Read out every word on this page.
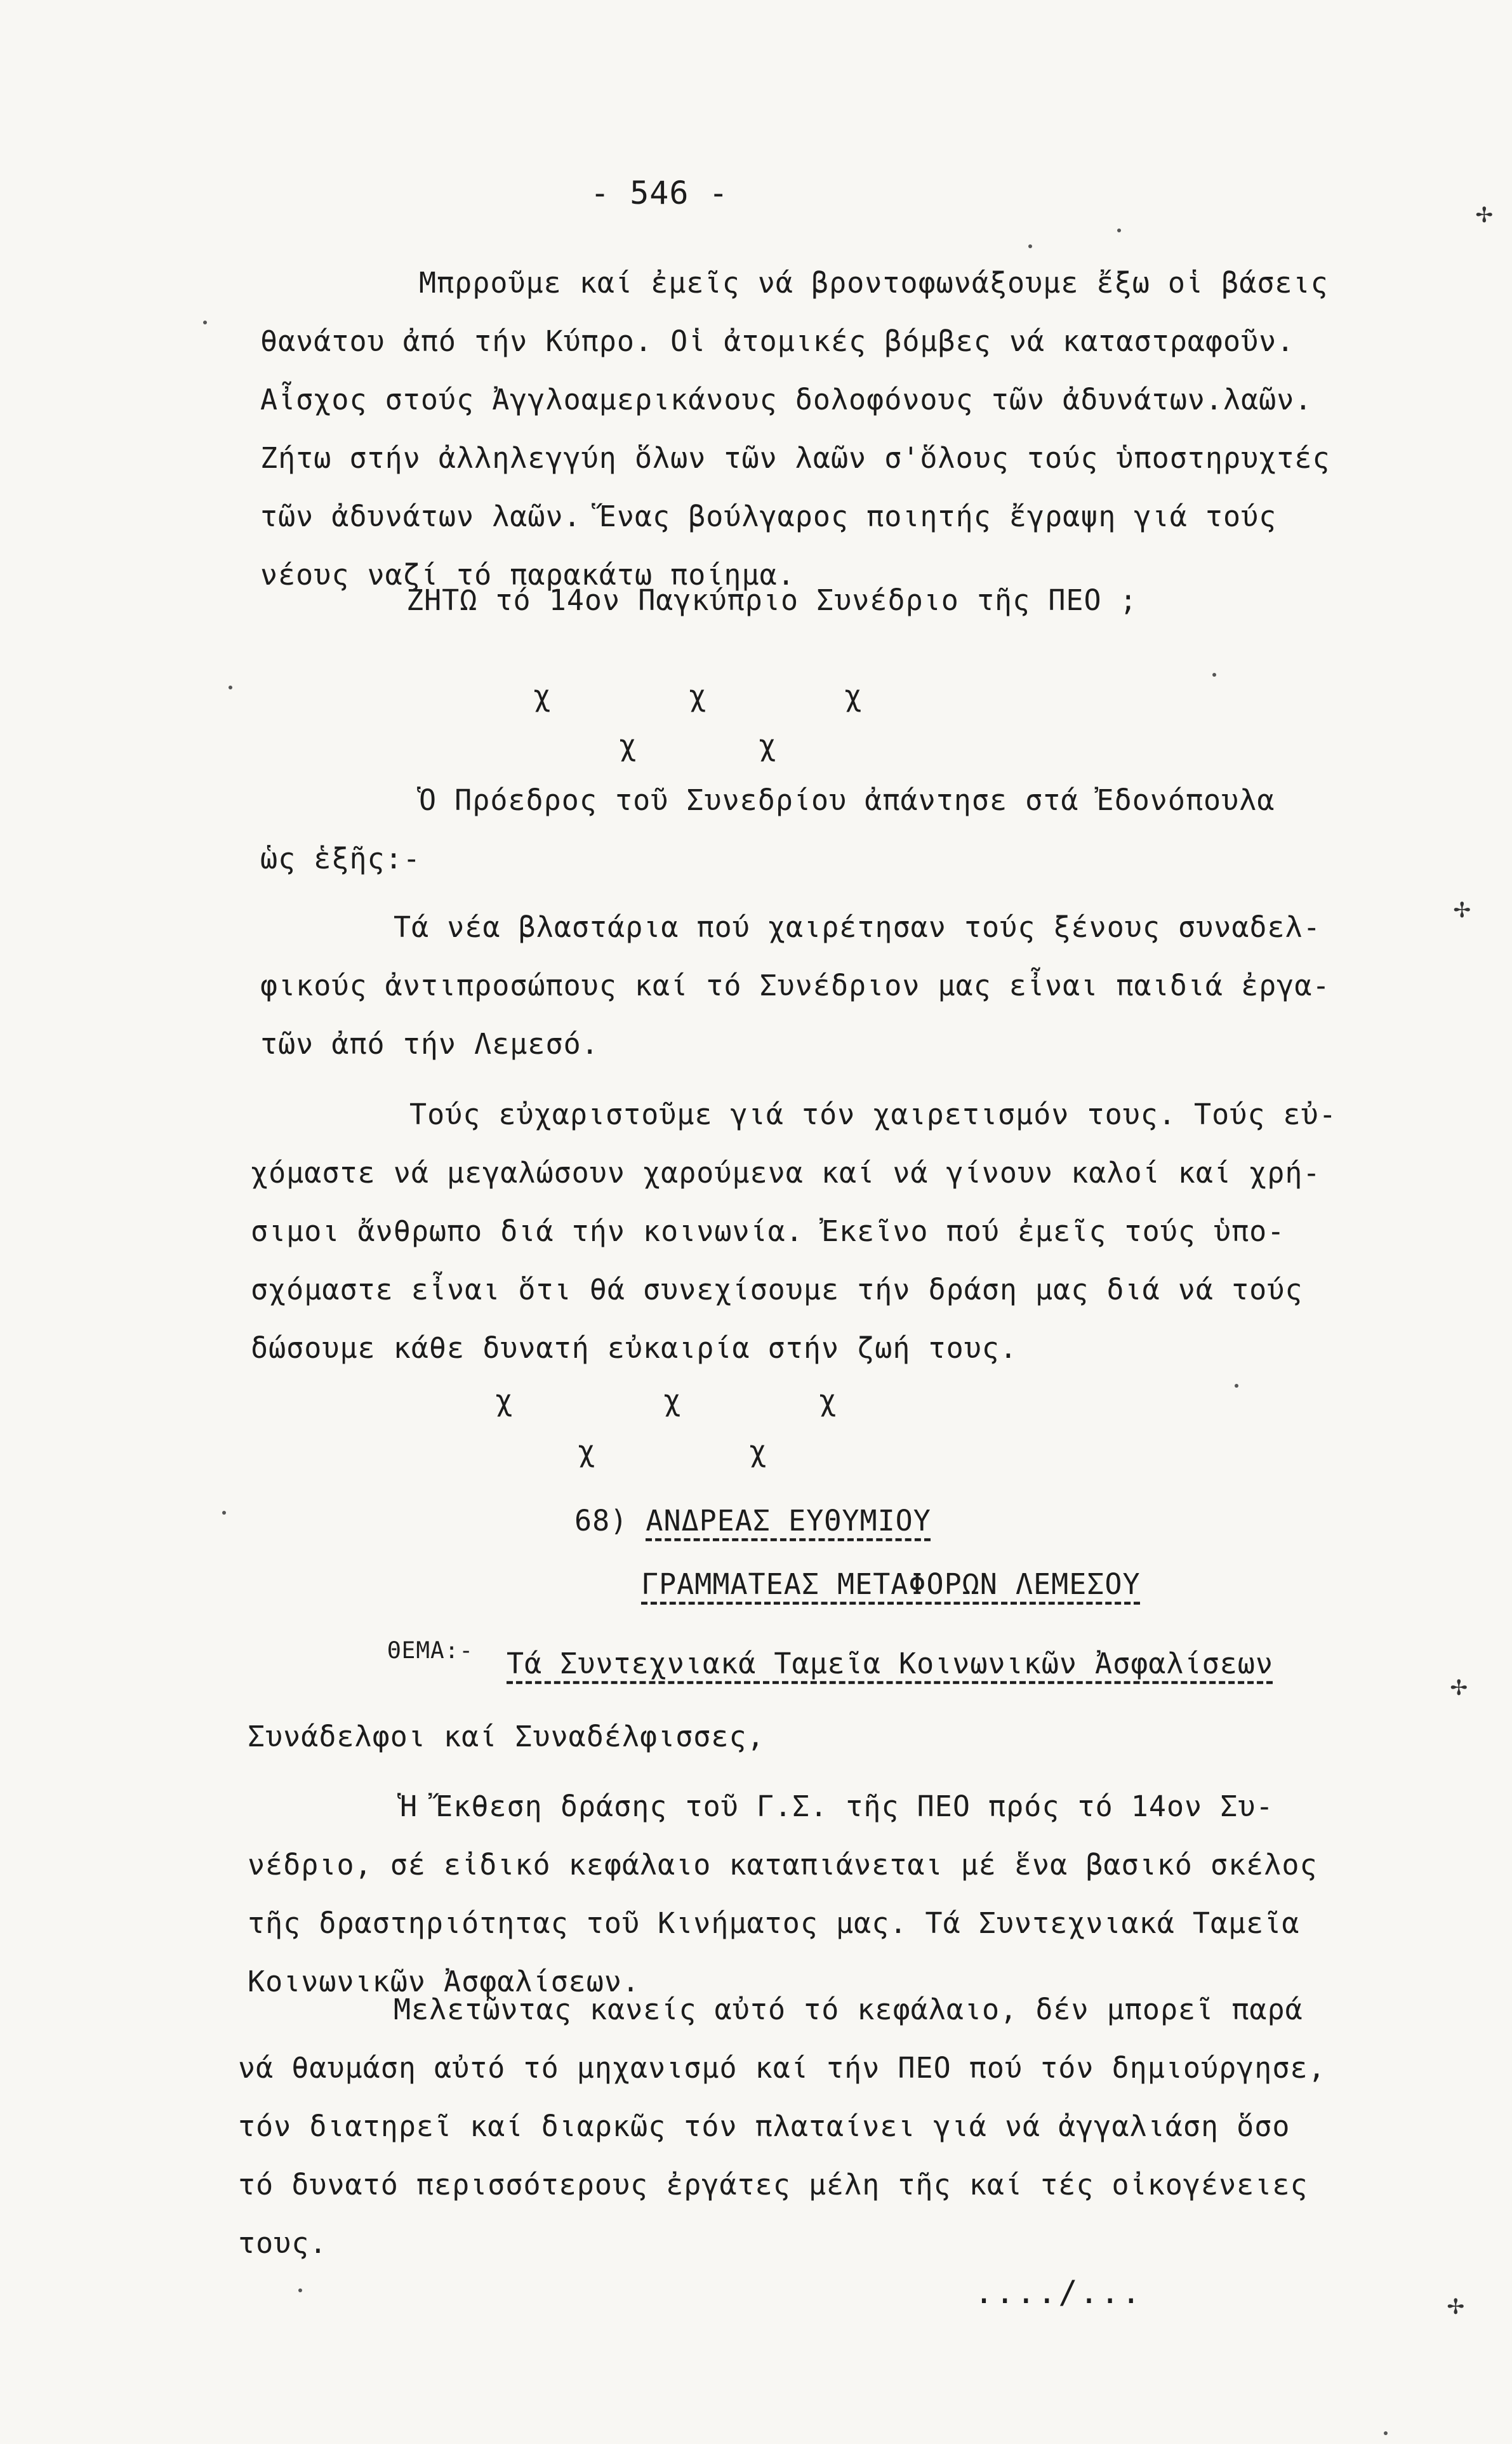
- 546 -
Μπρροῦμε καί ἐμεῖς νά βροντοφωνάξουμε ἔξω οἱ βάσεις
θανάτου ἀπό τήν Κύπρο. Οἱ ἀτομικές βόμβες νά καταστραφοῦν.
Αἶσχος στούς Ἀγγλοαμερικάνους δολοφόνους τῶν ἀδυνάτων.λαῶν.
Ζήτω στήν ἀλληλεγγύη ὅλων τῶν λαῶν σ'ὅλους τούς ὑποστηρυχτές
τῶν ἀδυνάτων λαῶν. Ἕνας βούλγαρος ποιητής ἔγραψη γιά τούς
νέους ναζί τό παρακάτω ποίημα.
ΖΗΤΩ τό 14ον Παγκύπριο Συνέδριο τῆς ΠΕΟ ;
χ	χ	χ
χ	χ
Ὁ Πρόεδρος τοῦ Συνεδρίου ἀπάντησε στά Ἐδονόπουλα
ὡς ἑξῆς:-
Τά νέα βλαστάρια πού χαιρέτησαν τούς ξένους συναδελ-
φικούς ἀντιπροσώπους καί τό Συνέδριον μας εἶναι παιδιά ἐργα-
τῶν ἀπό τήν Λεμεσό.
Τούς εὐχαριστοῦμε γιά τόν χαιρετισμόν τους. Τούς εὐ-
χόμαστε νά μεγαλώσουν χαρούμενα καί νά γίνουν καλοί καί χρή-
σιμοι ἄνθρωπο διά τήν κοινωνία. Ἐκεῖνο πού ἐμεῖς τούς ὑπο-
σχόμαστε εἶναι ὅτι θά συνεχίσουμε τήν δράση μας διά νά τούς
δώσουμε κάθε δυνατή εὐκαιρία στήν ζωή τους.
χ	χ	χ
χ	χ
68) ΑΝΔΡΕΑΣ ΕΥΘΥΜΙΟΥ
ΓΡΑΜΜΑΤΕΑΣ ΜΕΤΑΦΟΡΩΝ ΛΕΜΕΣΟΥ
ΘΕΜΑ:- Τά Συντεχνιακά Ταμεῖα Κοινωνικῶν Ἀσφαλίσεων
Συνάδελφοι καί Συναδέλφισσες,
Ἡ Ἔκθεση δράσης τοῦ Γ.Σ. τῆς ΠΕΟ πρός τό 14ον Συ-
νέδριο, σέ εἰδικό κεφάλαιο καταπιάνεται μέ ἕνα βασικό σκέλος
τῆς δραστηριότητας τοῦ Κινήματος μας. Τά Συντεχνιακά Ταμεῖα
Κοινωνικῶν Ἀσφαλίσεων.
Μελετῶντας κανείς αὐτό τό κεφάλαιο, δέν μπορεῖ παρά
νά θαυμάση αὐτό τό μηχανισμό καί τήν ΠΕΟ πού τόν δημιούργησε,
τόν διατηρεῖ καί διαρκῶς τόν πλαταίνει γιά νά ἀγγαλιάση ὅσο
τό δυνατό περισσότερους ἐργάτες μέλη τῆς καί τές οἰκογένειες
τους.
..../...
✢
✢
✢
✢
